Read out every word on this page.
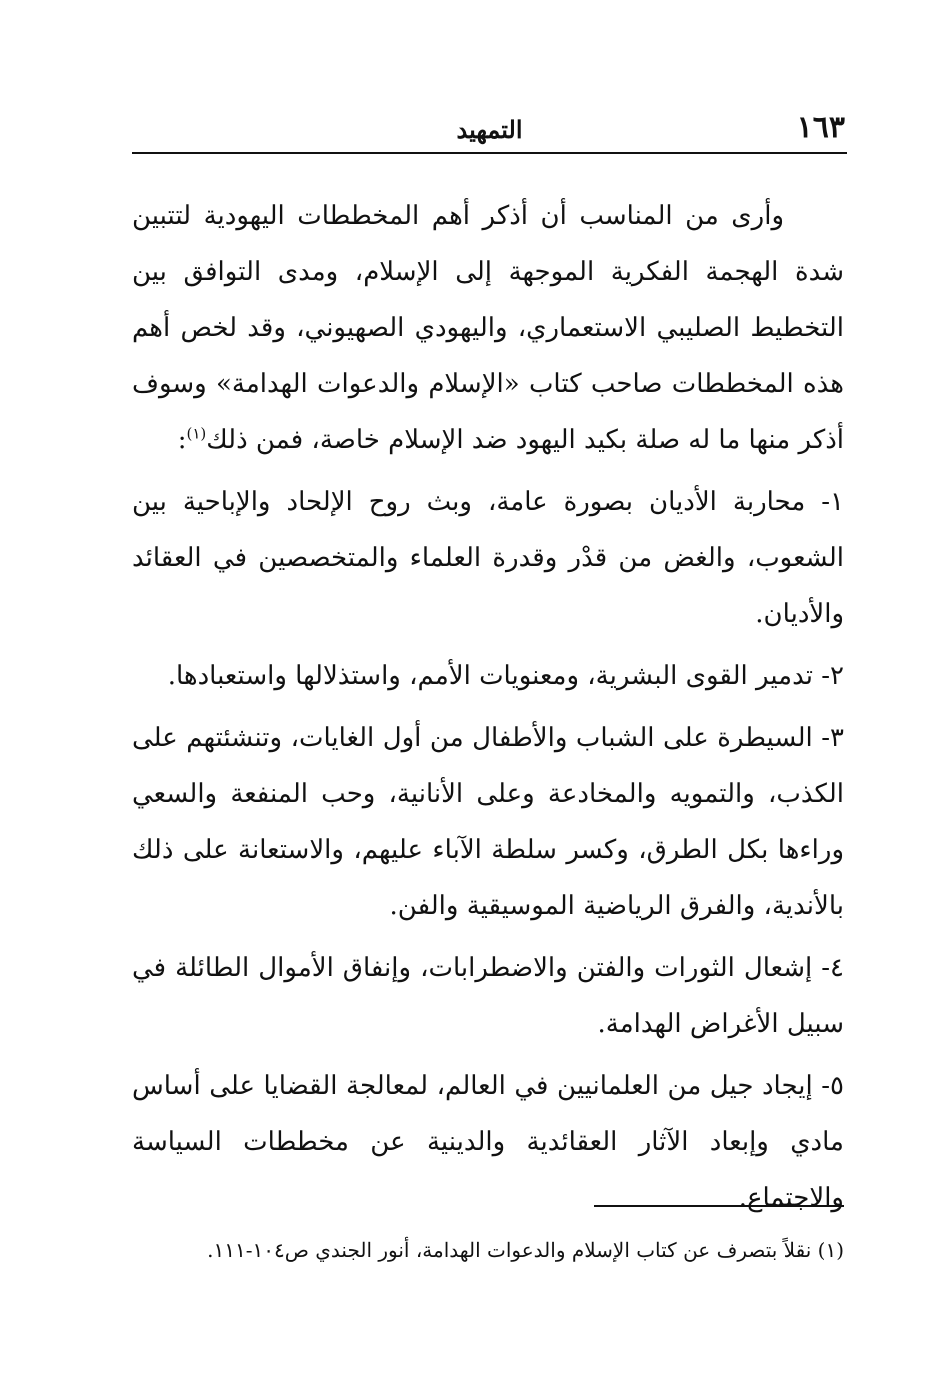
١٦٣
التمهيد

وأرى من المناسب أن أذكر أهم المخططات اليهودية لتتبين شدة الهجمة الفكرية الموجهة إلى الإسلام، ومدى التوافق بين التخطيط الصليبي الاستعماري، واليهودي الصهيوني، وقد لخص أهم هذه المخططات صاحب كتاب «الإسلام والدعوات الهدامة» وسوف أذكر منها ما له صلة بكيد اليهود ضد الإسلام خاصة، فمن ذلك$^{(١)}$:

١- محاربة الأديان بصورة عامة، وبث روح الإلحاد والإباحية بين الشعوب، والغض من قدْر وقدرة العلماء والمتخصصين في العقائد والأديان.

٢- تدمير القوى البشرية، ومعنويات الأمم، واستذلالها واستعبادها.

٣- السيطرة على الشباب والأطفال من أول الغايات، وتنشئتهم على الكذب، والتمويه والمخادعة وعلى الأنانية، وحب المنفعة والسعي وراءها بكل الطرق، وكسر سلطة الآباء عليهم، والاستعانة على ذلك بالأندية، والفرق الرياضية الموسيقية والفن.

٤- إشعال الثورات والفتن والاضطرابات، وإنفاق الأموال الطائلة في سبيل الأغراض الهدامة.

٥- إيجاد جيل من العلمانيين في العالم، لمعالجة القضايا على أساس مادي وإبعاد الآثار العقائدية والدينية عن مخططات السياسة والاجتماع.

(١) نقلاً بتصرف عن كتاب الإسلام والدعوات الهدامة، أنور الجندي ص١٠٤-١١١.
